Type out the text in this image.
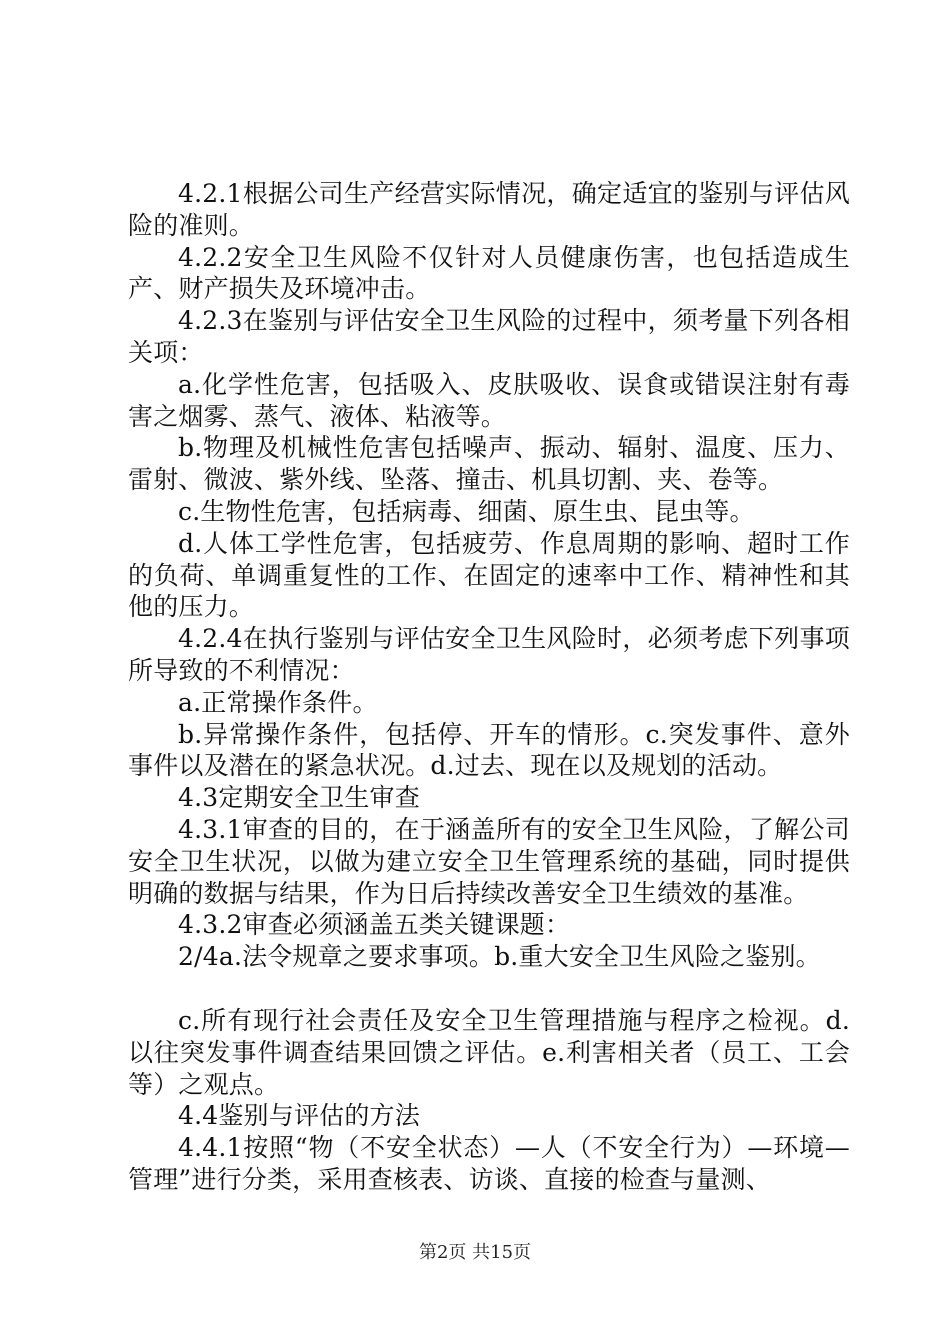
4.2.1根据公司生产经营实际情况，确定适宜的鉴别与评估风险的准则。

4.2.2安全卫生风险不仅针对人员健康伤害，也包括造成生产、财产损失及环境冲击。

4.2.3在鉴别与评估安全卫生风险的过程中，须考量下列各相关项：

a.化学性危害，包括吸入、皮肤吸收、误食或错误注射有毒害之烟雾、蒸气、液体、粘液等。

b.物理及机械性危害包括噪声、振动、辐射、温度、压力、雷射、微波、紫外线、坠落、撞击、机具切割、夹、卷等。

c.生物性危害，包括病毒、细菌、原生虫、昆虫等。

d.人体工学性危害，包括疲劳、作息周期的影响、超时工作的负荷、单调重复性的工作、在固定的速率中工作、精神性和其他的压力。

4.2.4在执行鉴别与评估安全卫生风险时，必须考虑下列事项所导致的不利情况：

a.正常操作条件。

b.异常操作条件，包括停、开车的情形。c.突发事件、意外事件以及潜在的紧急状况。d.过去、现在以及规划的活动。

4.3定期安全卫生审查

4.3.1审查的目的，在于涵盖所有的安全卫生风险，了解公司安全卫生状况，以做为建立安全卫生管理系统的基础，同时提供明确的数据与结果，作为日后持续改善安全卫生绩效的基准。

4.3.2审查必须涵盖五类关键课题：

2/4a.法令规章之要求事项。b.重大安全卫生风险之鉴别。

c.所有现行社会责任及安全卫生管理措施与程序之检视。d.以往突发事件调查结果回馈之评估。e.利害相关者（员工、工会等）之观点。

4.4鉴别与评估的方法

4.4.1按照“物（不安全状态）—人（不安全行为）—环境—管理”进行分类，采用查核表、访谈、直接的检查与量测、

第2页 共15页
